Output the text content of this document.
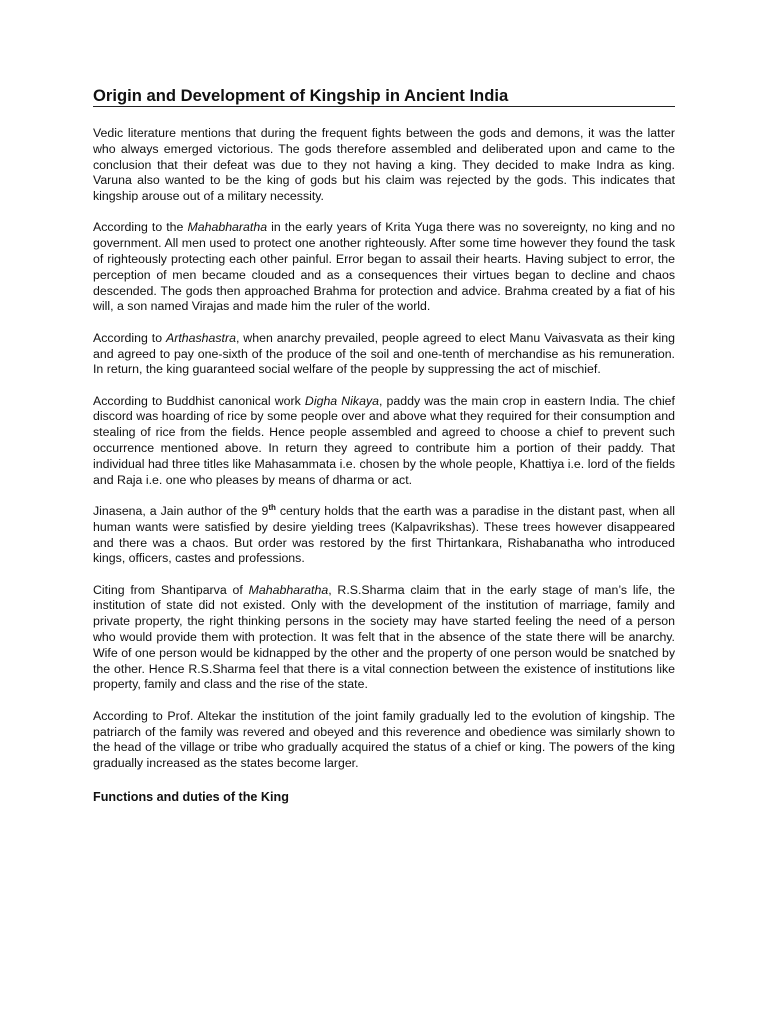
Origin and Development of Kingship in Ancient India

Vedic literature mentions that during the frequent fights between the gods and demons, it was the latter who always emerged victorious. The gods therefore assembled and deliberated upon and came to the conclusion that their defeat was due to they not having a king. They decided to make Indra as king. Varuna also wanted to be the king of gods but his claim was rejected by the gods. This indicates that kingship arouse out of a military necessity.

According to the Mahabharatha in the early years of Krita Yuga there was no sovereignty, no king and no government. All men used to protect one another righteously. After some time however they found the task of righteously protecting each other painful. Error began to assail their hearts. Having subject to error, the perception of men became clouded and as a consequences their virtues began to decline and chaos descended. The gods then approached Brahma for protection and advice. Brahma created by a fiat of his will, a son named Virajas and made him the ruler of the world.

According to Arthashastra, when anarchy prevailed, people agreed to elect Manu Vaivasvata as their king and agreed to pay one-sixth of the produce of the soil and one-tenth of merchandise as his remuneration. In return, the king guaranteed social welfare of the people by suppressing the act of mischief.

According to Buddhist canonical work Digha Nikaya, paddy was the main crop in eastern India. The chief discord was hoarding of rice by some people over and above what they required for their consumption and stealing of rice from the fields. Hence people assembled and agreed to choose a chief to prevent such occurrence mentioned above. In return they agreed to contribute him a portion of their paddy. That individual had three titles like Mahasammata i.e. chosen by the whole people, Khattiya i.e. lord of the fields and Raja i.e. one who pleases by means of dharma or act.

Jinasena, a Jain author of the 9th century holds that the earth was a paradise in the distant past, when all human wants were satisfied by desire yielding trees (Kalpavrikshas). These trees however disappeared and there was a chaos. But order was restored by the first Thirtankara, Rishabanatha who introduced kings, officers, castes and professions.

Citing from Shantiparva of Mahabharatha, R.S.Sharma claim that in the early stage of man’s life, the institution of state did not existed. Only with the development of the institution of marriage, family and private property, the right thinking persons in the society may have started feeling the need of a person who would provide them with protection. It was felt that in the absence of the state there will be anarchy. Wife of one person would be kidnapped by the other and the property of one person would be snatched by the other. Hence R.S.Sharma feel that there is a vital connection between the existence of institutions like property, family and class and the rise of the state.

According to Prof. Altekar the institution of the joint family gradually led to the evolution of kingship. The patriarch of the family was revered and obeyed and this reverence and obedience was similarly shown to the head of the village or tribe who gradually acquired the status of a chief or king. The powers of the king gradually increased as the states become larger.

Functions and duties of the King
